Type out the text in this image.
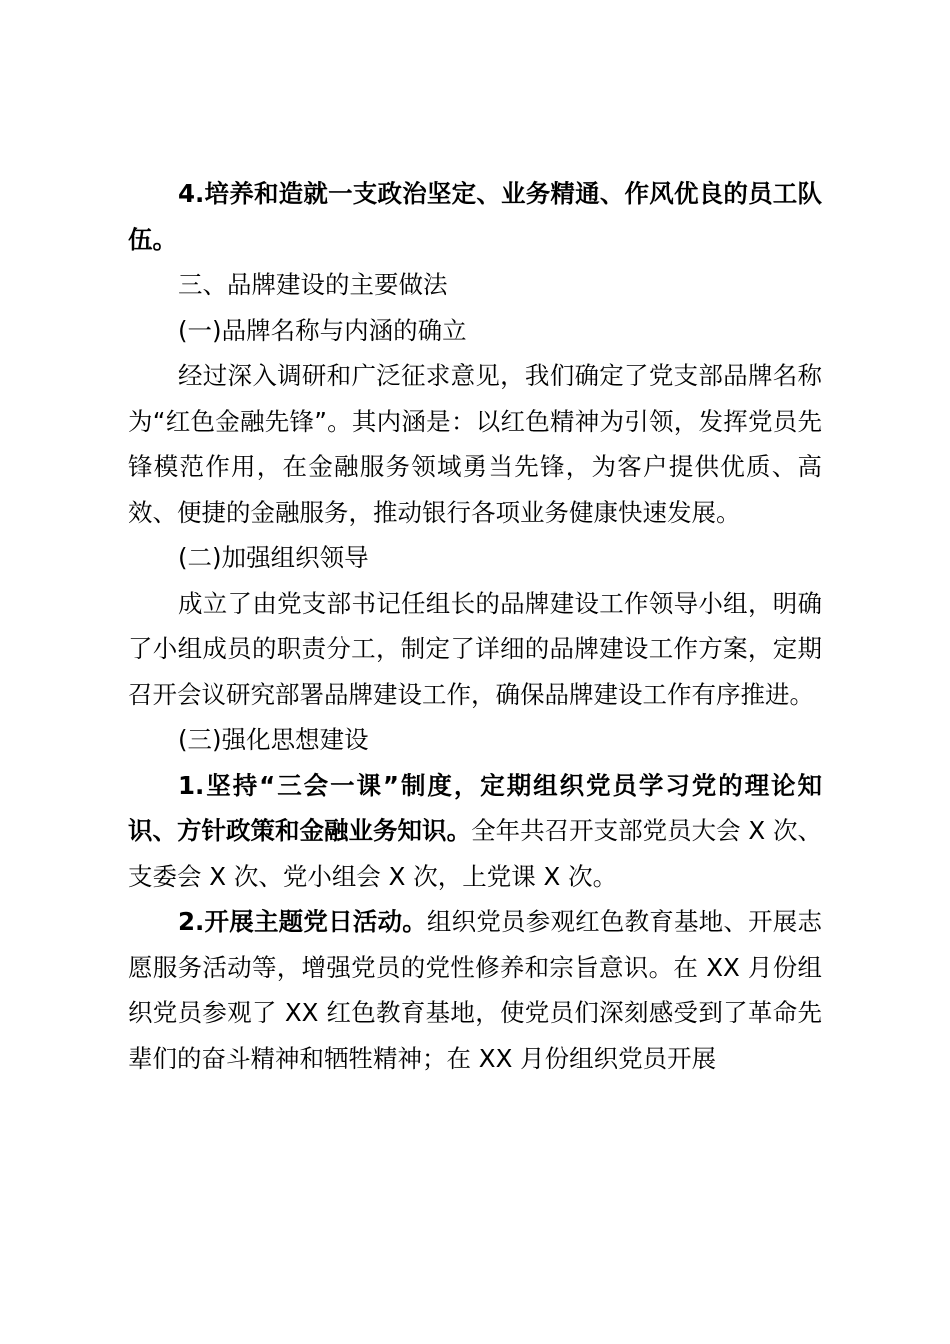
4.培养和造就一支政治坚定、业务精通、作风优良的员工队伍。

三、品牌建设的主要做法

(一)品牌名称与内涵的确立

经过深入调研和广泛征求意见，我们确定了党支部品牌名称为“红色金融先锋”。其内涵是：以红色精神为引领，发挥党员先锋模范作用，在金融服务领域勇当先锋，为客户提供优质、高效、便捷的金融服务，推动银行各项业务健康快速发展。

(二)加强组织领导

成立了由党支部书记任组长的品牌建设工作领导小组，明确了小组成员的职责分工，制定了详细的品牌建设工作方案，定期召开会议研究部署品牌建设工作，确保品牌建设工作有序推进。

(三)强化思想建设

1.坚持“三会一课”制度，定期组织党员学习党的理论知识、方针政策和金融业务知识。全年共召开支部党员大会 X 次、支委会 X 次、党小组会 X 次，上党课 X 次。

2.开展主题党日活动。组织党员参观红色教育基地、开展志愿服务活动等，增强党员的党性修养和宗旨意识。在 XX 月份组织党员参观了 XX 红色教育基地，使党员们深刻感受到了革命先辈们的奋斗精神和牺牲精神；在 XX 月份组织党员开展
